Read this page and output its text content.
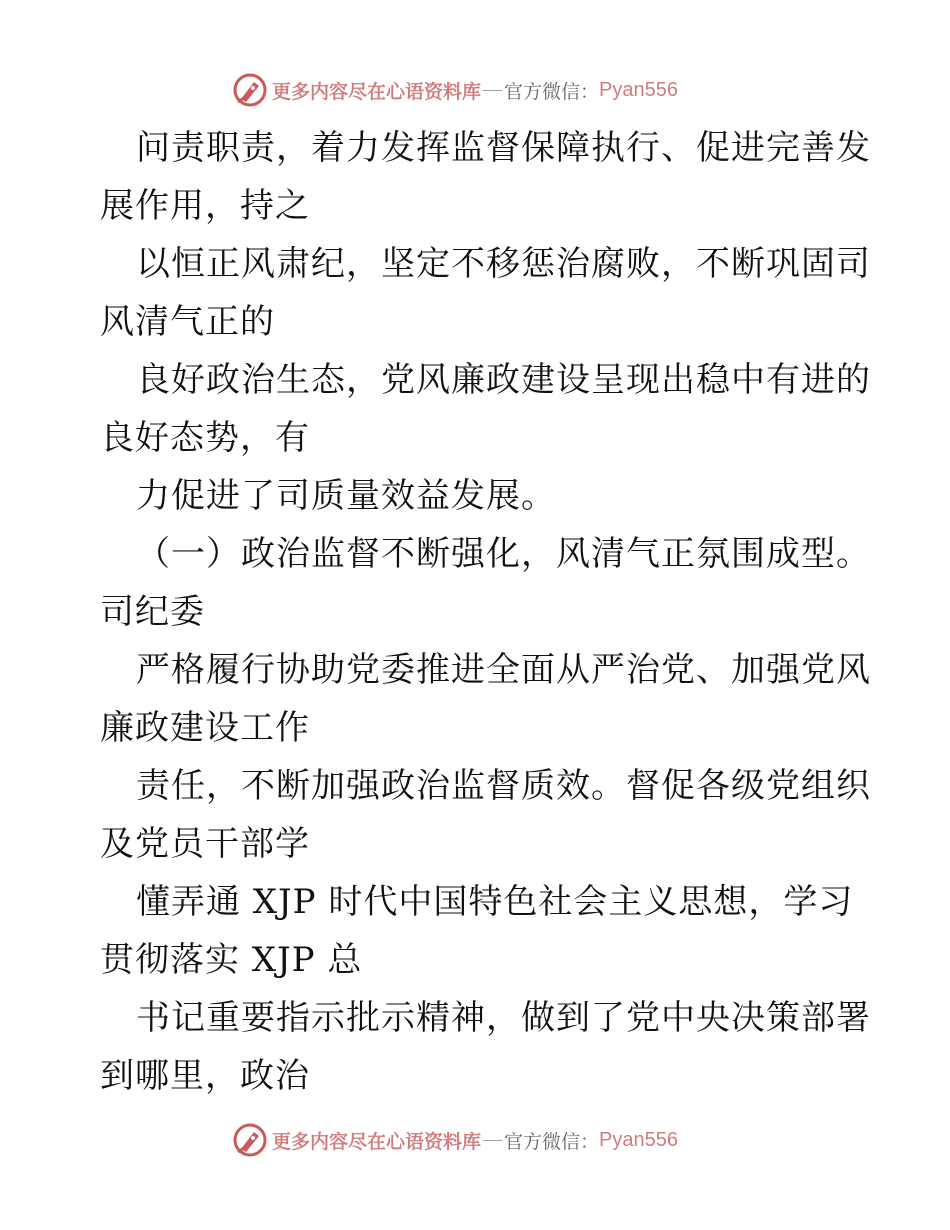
更多内容尽在心语资料库 — 官方微信： Pyan556
问责职责，着力发挥监督保障执行、促进完善发
展作用，持之
以恒正风肃纪，坚定不移惩治腐败，不断巩固司
风清气正的
良好政治生态，党风廉政建设呈现出稳中有进的
良好态势，有
力促进了司质量效益发展。
（一）政治监督不断强化，风清气正氛围成型。
司纪委
严格履行协助党委推进全面从严治党、加强党风
廉政建设工作
责任，不断加强政治监督质效。督促各级党组织
及党员干部学
懂弄通 XJP 时代中国特色社会主义思想，学习
贯彻落实 XJP 总
书记重要指示批示精神，做到了党中央决策部署
到哪里，政治
更多内容尽在心语资料库 — 官方微信： Pyan556
